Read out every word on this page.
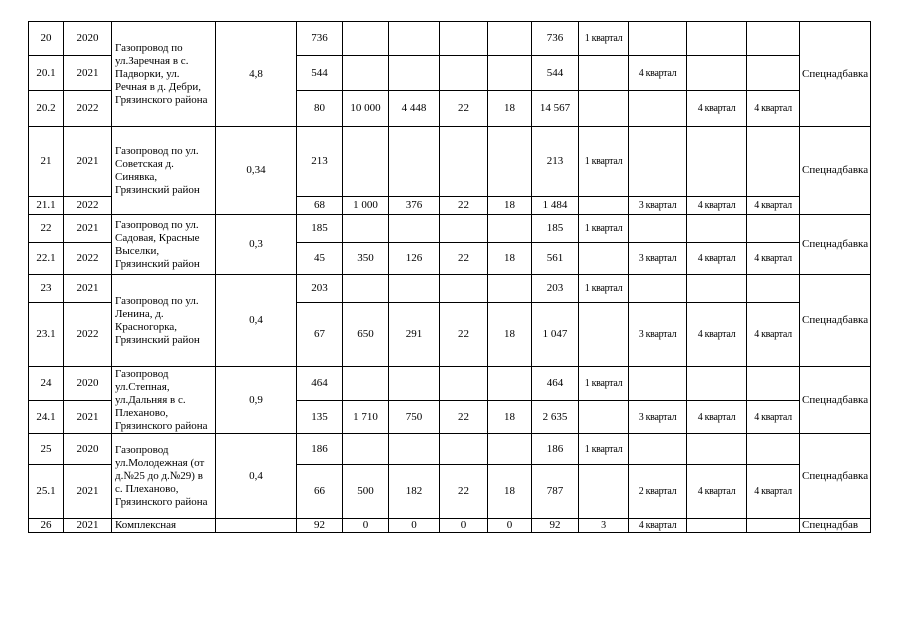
20	2020	Газопровод по ул.Заречная в с. Падворки, ул. Речная в д. Дебри, Грязинского района	4,8	736					736	1 квартал				Спецнадбавка
20.1	2021			544					544		4 квартал			
20.2	2022			80	10 000	4 448	22	18	14 567			4 квартал	4 квартал	
21	2021	Газопровод по ул. Советская д. Синявка, Грязинский район	0,34	213					213	1 квартал				Спецнадбавка
21.1	2022			68	1 000	376	22	18	1 484		3 квартал	4 квартал	4 квартал	
22	2021	Газопровод по ул. Садовая, Красные Выселки, Грязинский район	0,3	185					185	1 квартал				Спецнадбавка
22.1	2022			45	350	126	22	18	561		3 квартал	4 квартал	4 квартал	
23	2021	Газопровод по ул. Ленина, д. Красногорка, Грязинский район	0,4	203					203	1 квартал				Спецнадбавка
23.1	2022			67	650	291	22	18	1 047		3 квартал	4 квартал	4 квартал	
24	2020	Газопровод ул.Степная, ул.Дальняя в с. Плеханово, Грязинского района	0,9	464					464	1 квартал				Спецнадбавка
24.1	2021			135	1 710	750	22	18	2 635		3 квартал	4 квартал	4 квартал	
25	2020	Газопровод ул.Молодежная (от д.№25 до д.№29) в с. Плеханово, Грязинского района	0,4	186					186	1 квартал				Спецнадбавка
25.1	2021			66	500	182	22	18	787		2 квартал	4 квартал	4 квартал	
26	2021	Комплексная		92	0	0	0	0	92	3	4 квартал			Спецнадбав
